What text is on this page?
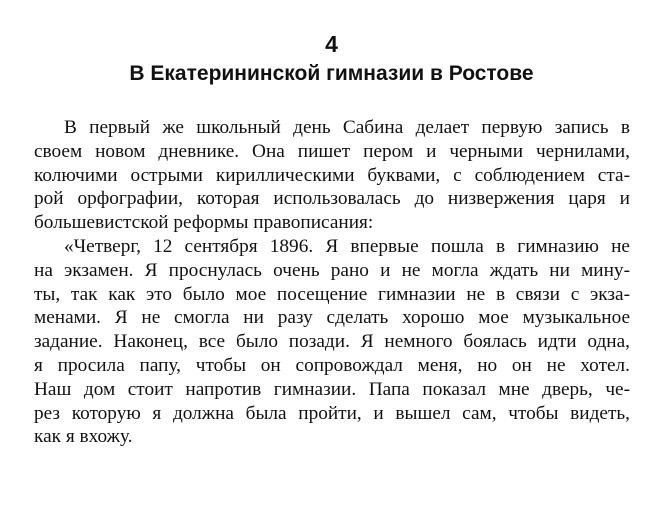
4
В Екатерининской гимназии в Ростове
В первый же школьный день Сабина делает первую запись в
своем новом дневнике. Она пишет пером и черными чернилами,
колючими острыми кириллическими буквами, с соблюдением ста-
рой орфографии, которая использовалась до низвержения царя и
большевистской реформы правописания:
«Четверг, 12 сентября 1896. Я впервые пошла в гимназию не
на экзамен. Я проснулась очень рано и не могла ждать ни мину-
ты, так как это было мое посещение гимназии не в связи с экза-
менами. Я не смогла ни разу сделать хорошо мое музыкальное
задание. Наконец, все было позади. Я немного боялась идти одна,
я просила папу, чтобы он сопровождал меня, но он не хотел.
Наш дом стоит напротив гимназии. Папа показал мне дверь, че-
рез которую я должна была пройти, и вышел сам, чтобы видеть,
как я вхожу.
